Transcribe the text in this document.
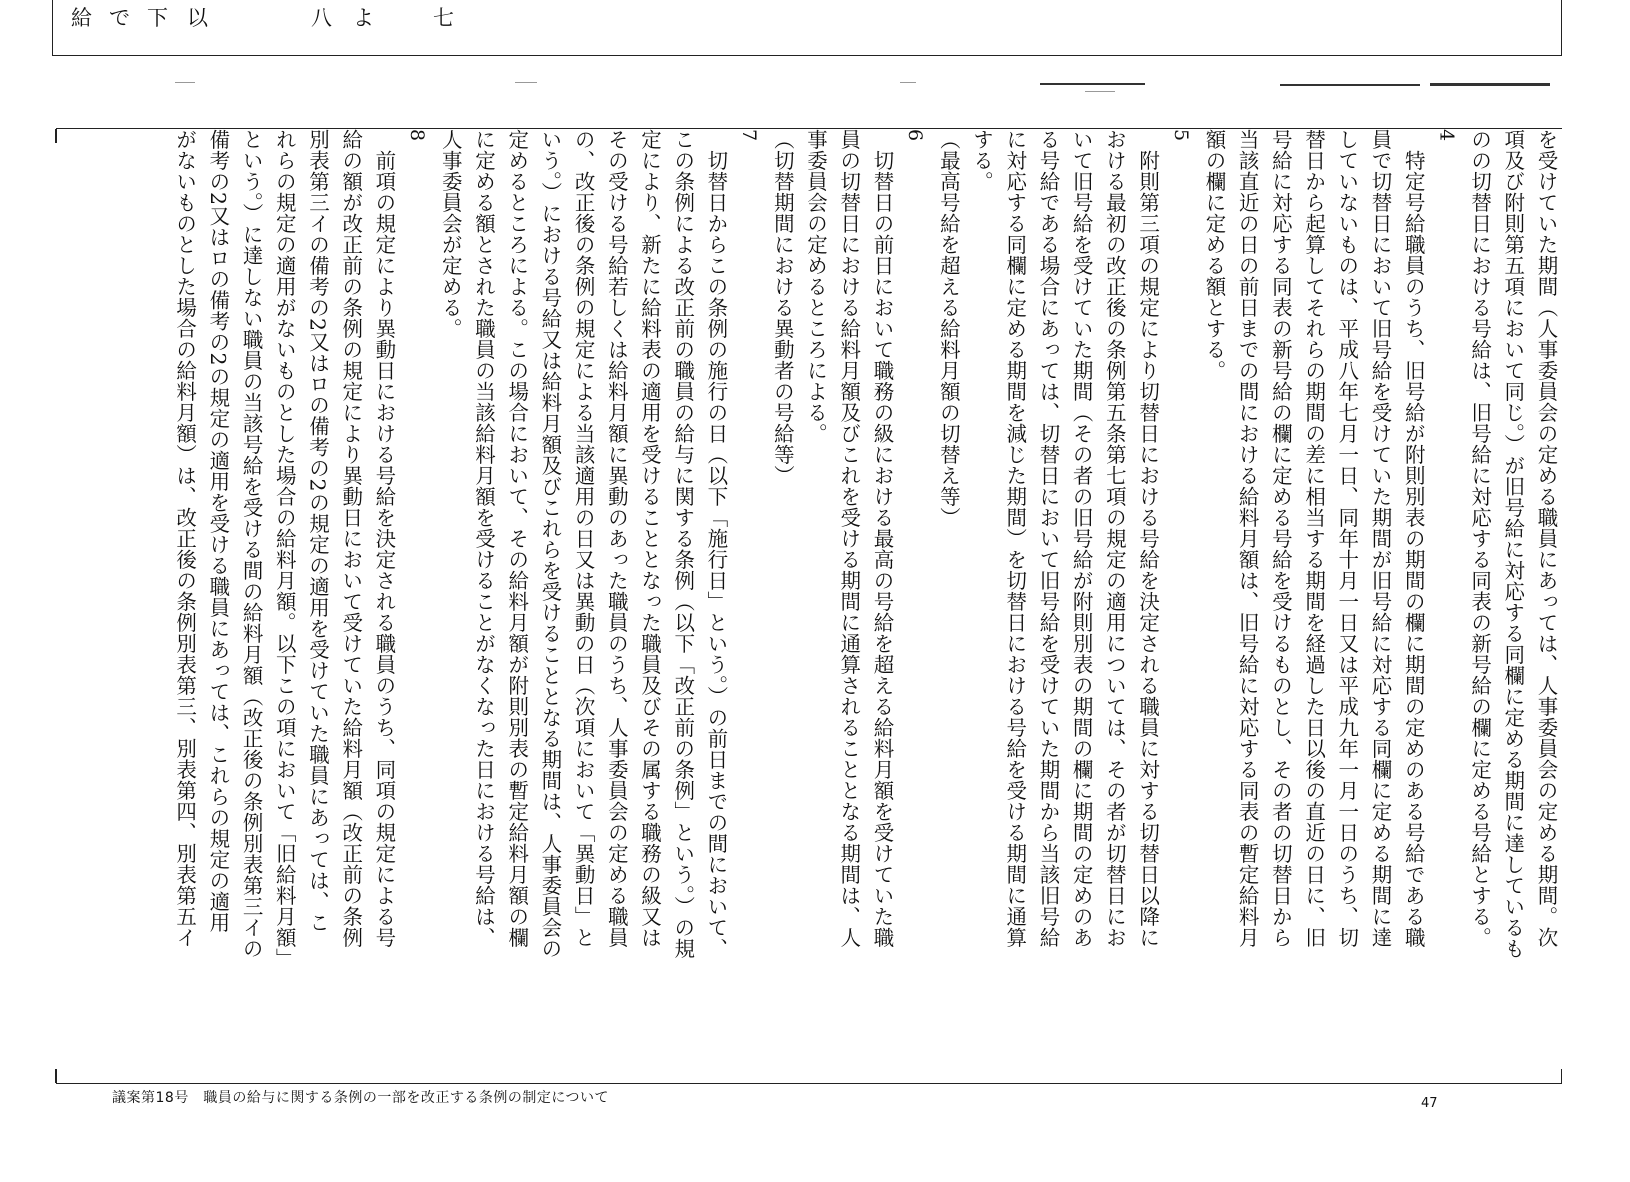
給 で 下 以	八 よ	七
を受けていた期間（人事委員会の定める職員にあっては、人事委員会の定める期間。次
項及び附則第五項において同じ。）が旧号給に対応する同欄に定める期間に達しているも
のの切替日における号給は、旧号給に対応する同表の新号給の欄に定める号給とする。
4
　特定号給職員のうち、旧号給が附則別表の期間の欄に期間の定めのある号給である職
員で切替日において旧号給を受けていた期間が旧号給に対応する同欄に定める期間に達
していないものは、平成八年七月一日、同年十月一日又は平成九年一月一日のうち、切
替日から起算してそれらの期間の差に相当する期間を経過した日以後の直近の日に、旧
号給に対応する同表の新号給の欄に定める号給を受けるものとし、その者の切替日から
当該直近の日の前日までの間における給料月額は、旧号給に対応する同表の暫定給料月
額の欄に定める額とする。
5
　附則第三項の規定により切替日における号給を決定される職員に対する切替日以降に
おける最初の改正後の条例第五条第七項の規定の適用については、その者が切替日にお
いて旧号給を受けていた期間（その者の旧号給が附則別表の期間の欄に期間の定めのあ
る号給である場合にあっては、切替日において旧号給を受けていた期間から当該旧号給
に対応する同欄に定める期間を減じた期間）を切替日における号給を受ける期間に通算
する。
（最高号給を超える給料月額の切替え等）
6
　切替日の前日において職務の級における最高の号給を超える給料月額を受けていた職
員の切替日における給料月額及びこれを受ける期間に通算されることとなる期間は、人
事委員会の定めるところによる。
（切替期間における異動者の号給等）
7
　切替日からこの条例の施行の日（以下「施行日」という。）の前日までの間において、
この条例による改正前の職員の給与に関する条例（以下「改正前の条例」という。）の規
定により、新たに給料表の適用を受けることとなった職員及びその属する職務の級又は
その受ける号給若しくは給料月額に異動のあった職員のうち、人事委員会の定める職員
の、改正後の条例の規定による当該適用の日又は異動の日（次項において「異動日」と
いう。）における号給又は給料月額及びこれらを受けることとなる期間は、人事委員会の
定めるところによる。この場合において、その給料月額が附則別表の暫定給料月額の欄
に定める額とされた職員の当該給料月額を受けることがなくなった日における号給は、
人事委員会が定める。
8
　前項の規定により異動日における号給を決定される職員のうち、同項の規定による号
給の額が改正前の条例の規定により異動日において受けていた給料月額（改正前の条例
別表第三イの備考の2又はロの備考の2の規定の適用を受けていた職員にあっては、こ
れらの規定の適用がないものとした場合の給料月額。以下この項において「旧給料月額」
という。）に達しない職員の当該号給を受ける間の給料月額（改正後の条例別表第三イの
備考の2又はロの備考の2の規定の適用を受ける職員にあっては、これらの規定の適用
がないものとした場合の給料月額）は、改正後の条例別表第三、別表第四、別表第五イ
議案第18号　職員の給与に関する条例の一部を改正する条例の制定について	47
